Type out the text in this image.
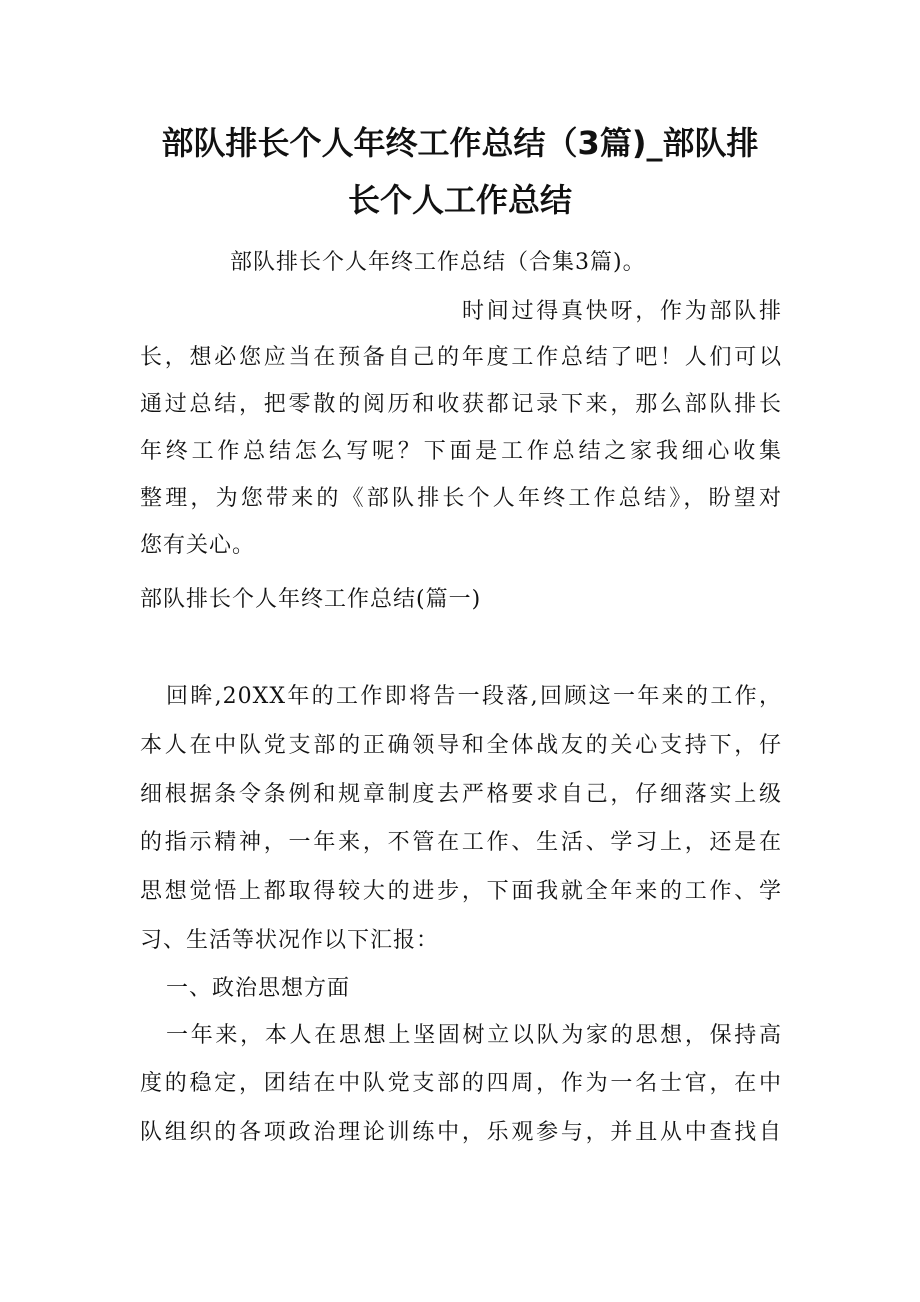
部队排长个人年终工作总结（3篇)_部队排
长个人工作总结
部队排长个人年终工作总结（合集3篇)。
时间过得真快呀，作为部队排
长，想必您应当在预备自己的年度工作总结了吧！人们可以
通过总结，把零散的阅历和收获都记录下来，那么部队排长
年终工作总结怎么写呢？下面是工作总结之家我细心收集
整理，为您带来的《部队排长个人年终工作总结》，盼望对
您有关心。
部队排长个人年终工作总结(篇一)
回眸,20XX年的工作即将告一段落,回顾这一年来的工作，
本人在中队党支部的正确领导和全体战友的关心支持下，仔
细根据条令条例和规章制度去严格要求自己，仔细落实上级
的指示精神，一年来，不管在工作、生活、学习上，还是在
思想觉悟上都取得较大的进步，下面我就全年来的工作、学
习、生活等状况作以下汇报：
一、政治思想方面
一年来，本人在思想上坚固树立以队为家的思想，保持高
度的稳定，团结在中队党支部的四周，作为一名士官，在中
队组织的各项政治理论训练中，乐观参与，并且从中查找自
